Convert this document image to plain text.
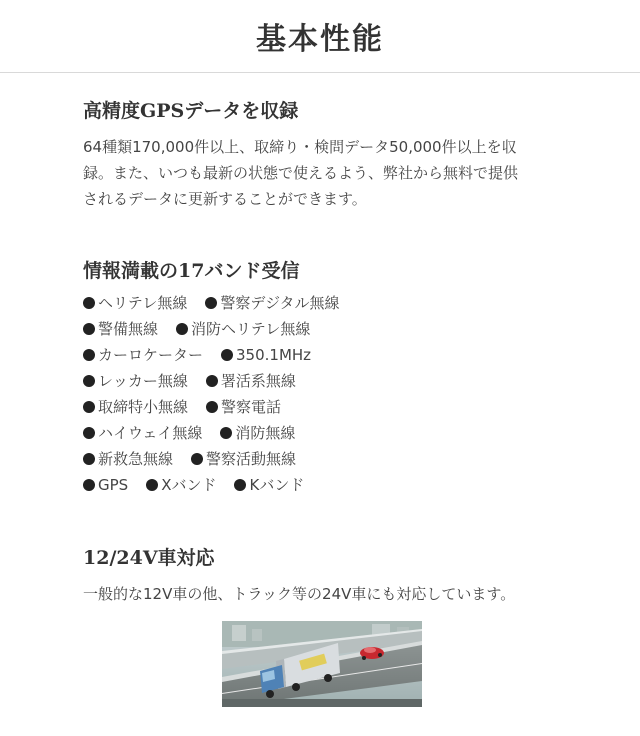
基本性能
高精度GPSデータを収録

64種類170,000件以上、取締り・検問データ50,000件以上を収
録。また、いつも最新の状態で使えるよう、弊社から無料で提供
されるデータに更新することができます。

情報満載の17バンド受信
ヘリテレ無線 警察デジタル無線
警備無線 消防ヘリテレ無線
カーロケーター 350.1MHz
レッカー無線 署活系無線
取締特小無線 警察電話
ハイウェイ無線 消防無線
新救急無線 警察活動無線
GPS Xバンド Kバンド
12/24V車対応

一般的な12V車の他、トラック等の24V車にも対応しています。
